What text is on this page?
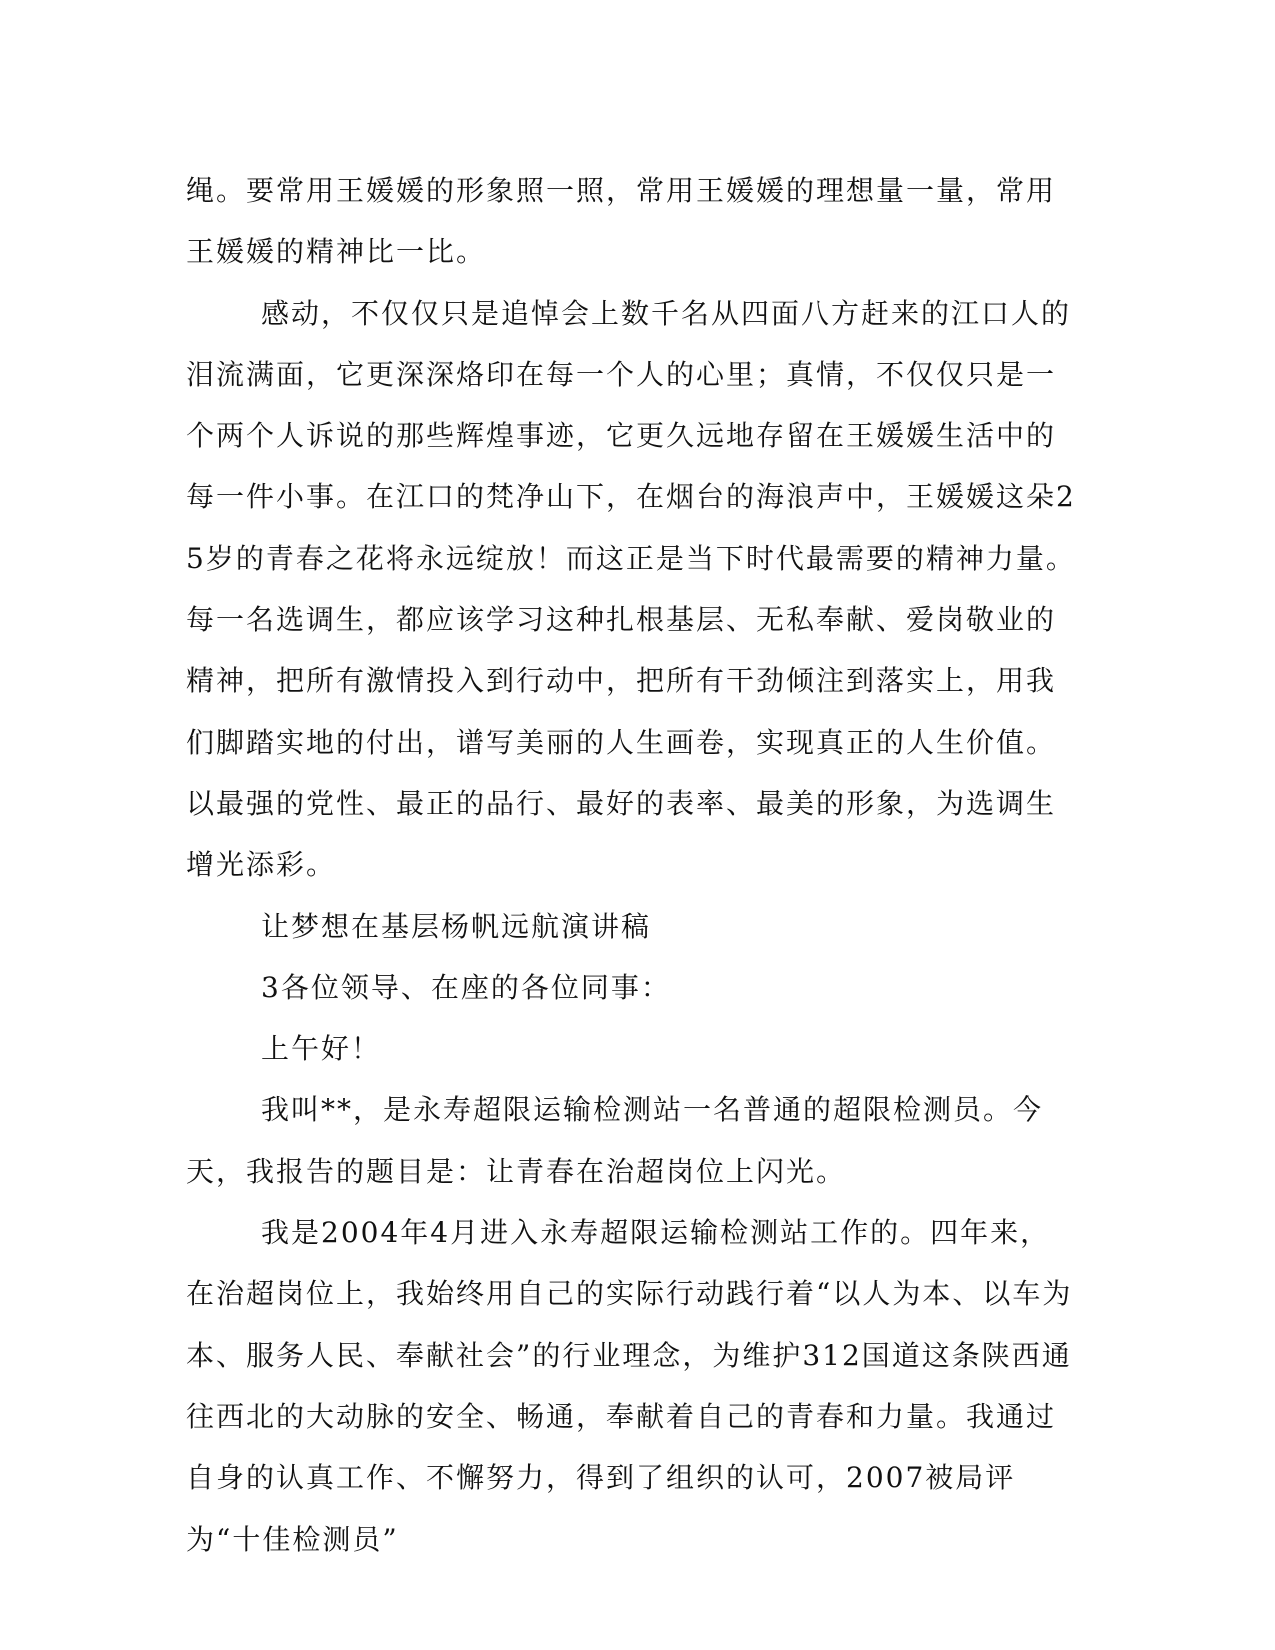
绳。要常用王媛媛的形象照一照，常用王媛媛的理想量一量，常用王媛媛的精神比一比。

感动，不仅仅只是追悼会上数千名从四面八方赶来的江口人的泪流满面，它更深深烙印在每一个人的心里；真情，不仅仅只是一个两个人诉说的那些辉煌事迹，它更久远地存留在王媛媛生活中的每一件小事。在江口的梵净山下，在烟台的海浪声中，王媛媛这朵25岁的青春之花将永远绽放！而这正是当下时代最需要的精神力量。每一名选调生，都应该学习这种扎根基层、无私奉献、爱岗敬业的精神，把所有激情投入到行动中，把所有干劲倾注到落实上，用我们脚踏实地的付出，谱写美丽的人生画卷，实现真正的人生价值。以最强的党性、最正的品行、最好的表率、最美的形象，为选调生增光添彩。

让梦想在基层杨帆远航演讲稿

3各位领导、在座的各位同事：

上午好！

我叫**，是永寿超限运输检测站一名普通的超限检测员。今天，我报告的题目是：让青春在治超岗位上闪光。

我是2004年4月进入永寿超限运输检测站工作的。四年来，在治超岗位上，我始终用自己的实际行动践行着“以人为本、以车为本、服务人民、奉献社会”的行业理念，为维护312国道这条陕西通往西北的大动脉的安全、畅通，奉献着自己的青春和力量。我通过自身的认真工作、不懈努力，得到了组织的认可，2007被局评为“十佳检测员”
